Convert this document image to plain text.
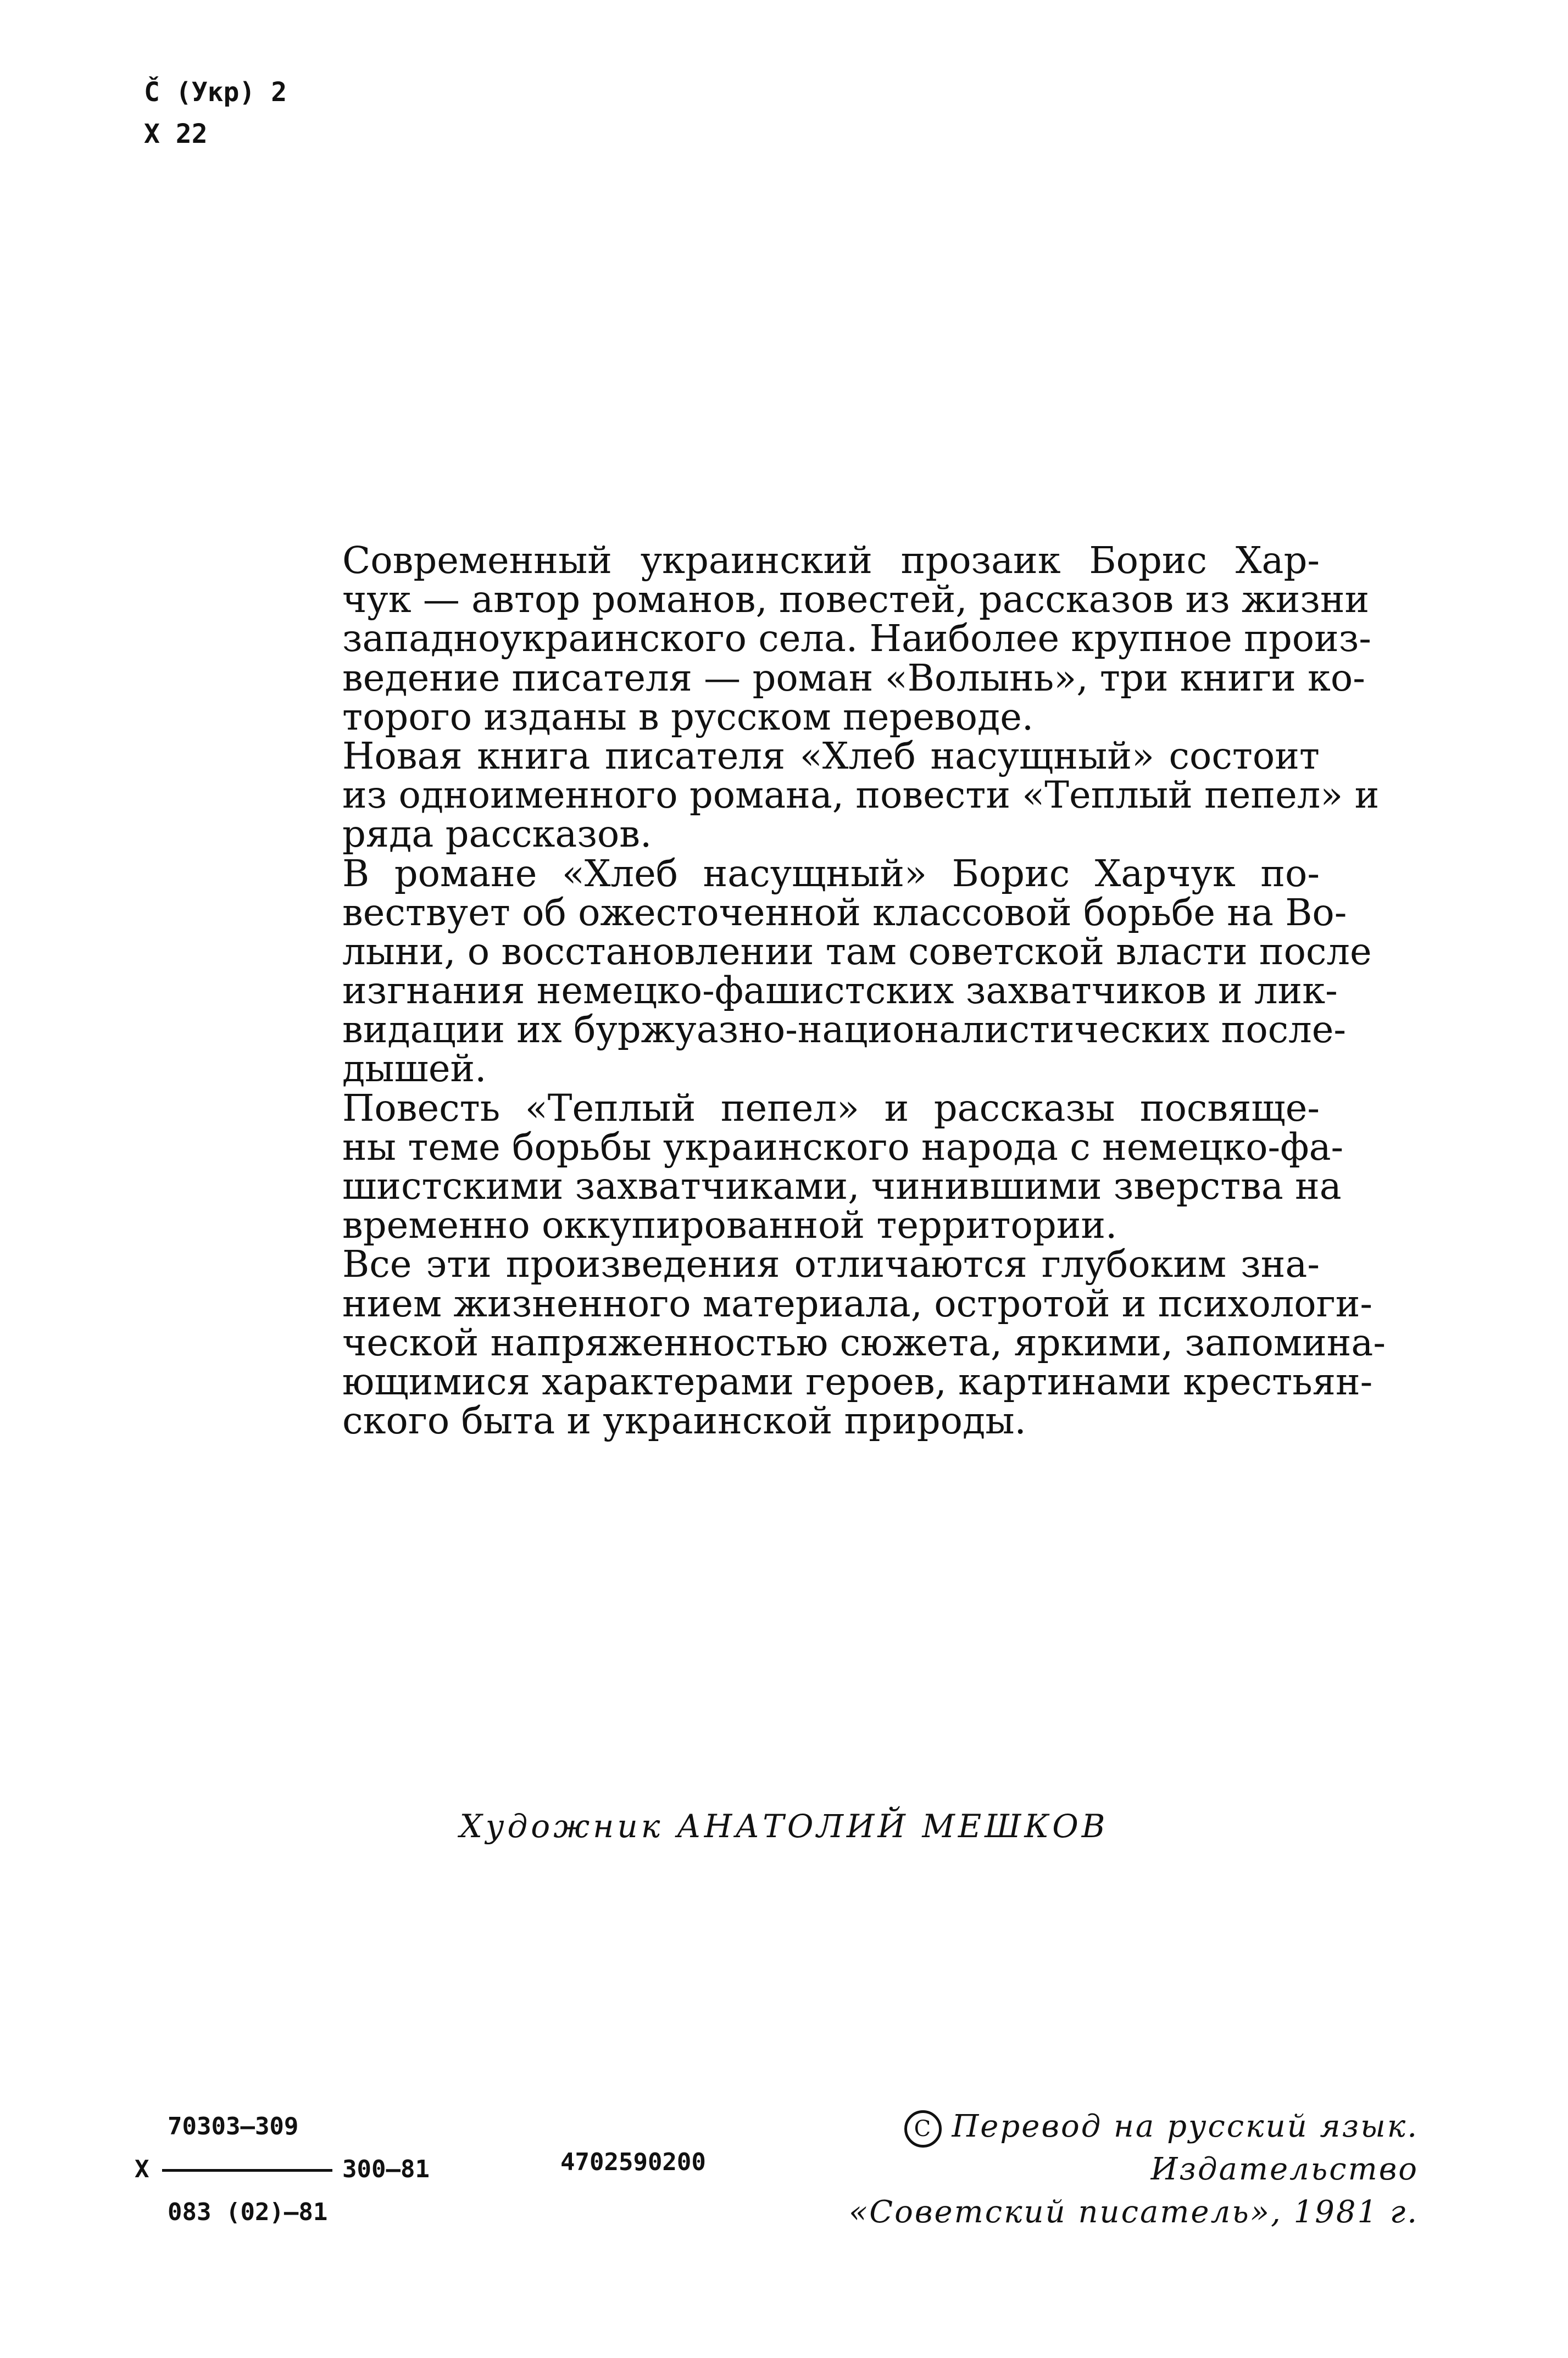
Č (Укр) 2
Х 22

Современный украинский прозаик Борис Хар-
чук — автор романов, повестей, рассказов из жизни
западноукраинского села. Наиболее крупное произ-
ведение писателя — роман «Волынь», три книги ко-
торого изданы в русском переводе.

Новая книга писателя «Хлеб насущный» состоит
из одноименного романа, повести «Теплый пепел» и
ряда рассказов.

В романе «Хлеб насущный» Борис Харчук по-
вествует об ожесточенной классовой борьбе на Во-
лыни, о восстановлении там советской власти после
изгнания немецко-фашистских захватчиков и лик-
видации их буржуазно-националистических после-
дышей.

Повесть «Теплый пепел» и рассказы посвяще-
ны теме борьбы украинского народа с немецко-фа-
шистскими захватчиками, чинившими зверства на
временно оккупированной территории.

Все эти произведения отличаются глубоким зна-
нием жизненного материала, остротой и психологи-
ческой напряженностью сюжета, яркими, запомина-
ющимися характерами героев, картинами крестьян-
ского быта и украинской природы.

Художник АНАТОЛИЙ МЕШКОВ
70303—309
Х	300—81
083 (02)—81
4702590200
С Перевод на русский язык.
Издательство
«Советский писатель», 1981 г.
